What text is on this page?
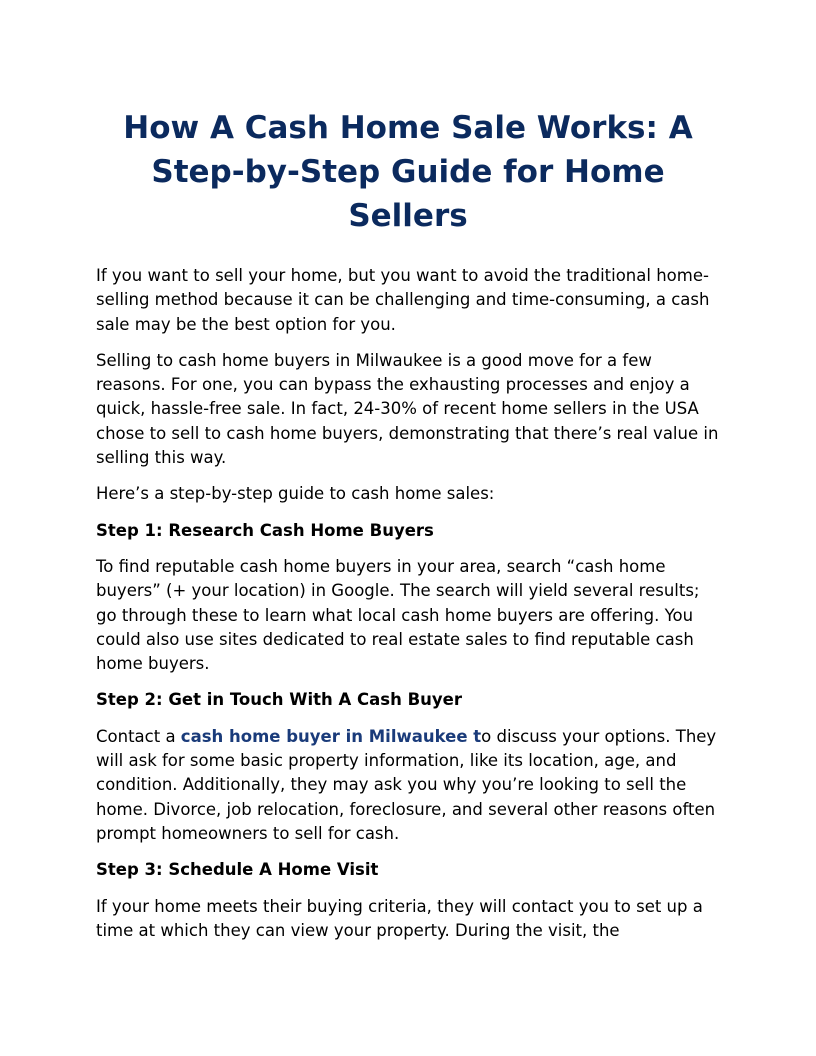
How A Cash Home Sale Works: A Step-by-Step Guide for Home Sellers

If you want to sell your home, but you want to avoid the traditional home-selling method because it can be challenging and time-consuming, a cash sale may be the best option for you.

Selling to cash home buyers in Milwaukee is a good move for a few reasons. For one, you can bypass the exhausting processes and enjoy a quick, hassle-free sale. In fact, 24-30% of recent home sellers in the USA chose to sell to cash home buyers, demonstrating that there’s real value in selling this way.

Here’s a step-by-step guide to cash home sales:

Step 1: Research Cash Home Buyers

To find reputable cash home buyers in your area, search “cash home buyers” (+ your location) in Google. The search will yield several results; go through these to learn what local cash home buyers are offering. You could also use sites dedicated to real estate sales to find reputable cash home buyers.

Step 2: Get in Touch With A Cash Buyer

Contact a cash home buyer in Milwaukee to discuss your options. They will ask for some basic property information, like its location, age, and condition. Additionally, they may ask you why you’re looking to sell the home. Divorce, job relocation, foreclosure, and several other reasons often prompt homeowners to sell for cash.

Step 3: Schedule A Home Visit

If your home meets their buying criteria, they will contact you to set up a time at which they can view your property. During the visit, the
